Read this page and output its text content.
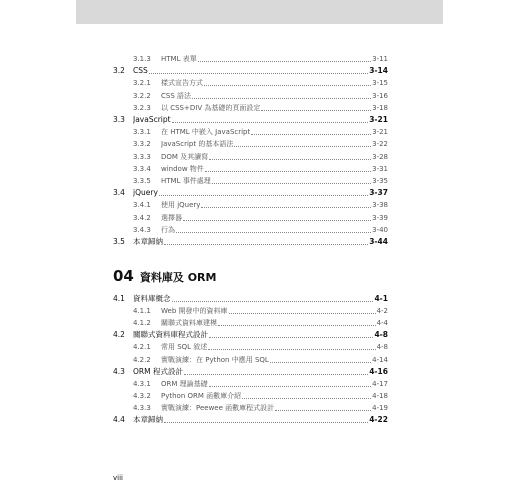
3.1.3	HTML 表單	3-11
3.2	CSS	3-14
3.2.1	樣式宣告方式	3-15
3.2.2	CSS 語法	3-16
3.2.3	以 CSS+DIV 為基礎的頁面設定	3-18
3.3	JavaScript	3-21
3.3.1	在 HTML 中嵌入 JavaScript	3-21
3.3.2	JavaScript 的基本語法	3-22
3.3.3	DOM 及其讀寫	3-28
3.3.4	window 物件	3-31
3.3.5	HTML 事件處理	3-35
3.4	jQuery	3-37
3.4.1	使用 jQuery	3-38
3.4.2	選擇器	3-39
3.4.3	行為	3-40
3.5	本章歸納	3-44
04 資料庫及 ORM
4.1	資料庫概念	4-1
4.1.1	Web 開發中的資料庫	4-2
4.1.2	關聯式資料庫建模	4-4
4.2	關聯式資料庫程式設計	4-8
4.2.1	常用 SQL 敘述	4-8
4.2.2	實戰演練：在 Python 中應用 SQL	4-14
4.3	ORM 程式設計	4-16
4.3.1	ORM 理論基礎	4-17
4.3.2	Python ORM 函數庫介紹	4-18
4.3.3	實戰演練：Peewee 函數庫程式設計	4-19
4.4	本章歸納	4-22
viii
